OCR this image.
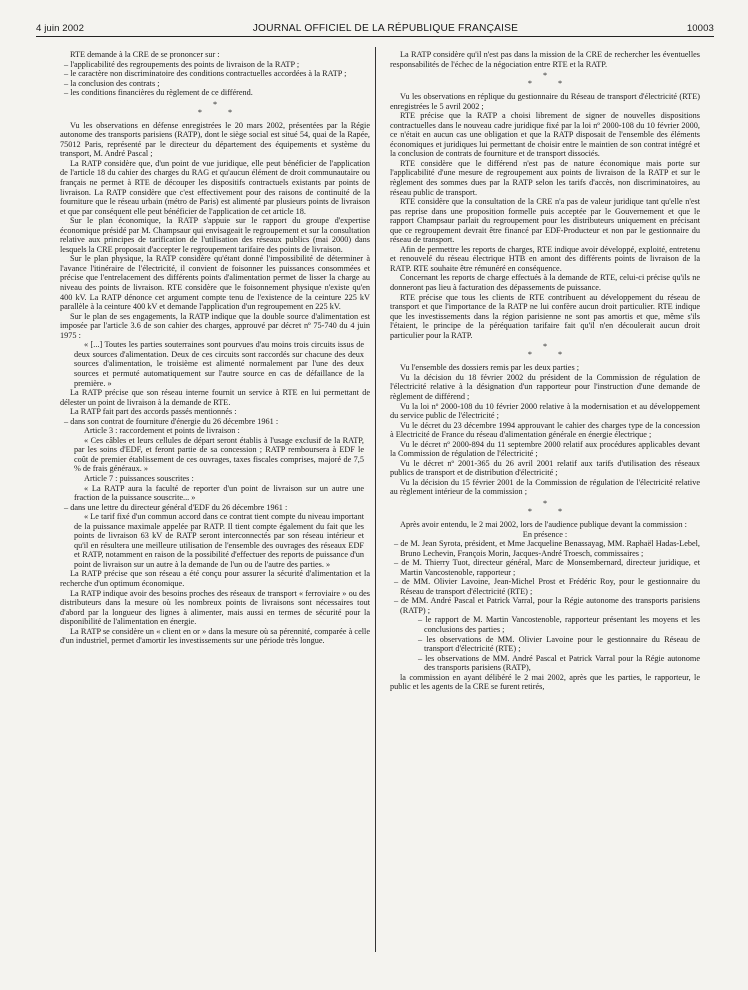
4 juin 2002	JOURNAL OFFICIEL DE LA RÉPUBLIQUE FRANÇAISE	10003

RTE demande à la CRE de se prononcer sur :

– l'applicabilité des regroupements des points de livraison de la RATP ;

– le caractère non discriminatoire des conditions contractuelles accordées à la RATP ;

– la conclusion des contrats ;

– les conditions financières du règlement de ce différend.

*

* *

Vu les observations en défense enregistrées le 20 mars 2002, présentées par la Régie autonome des transports parisiens (RATP), dont le siège social est situé 54, quai de la Rapée, 75012 Paris, représenté par le directeur du département des équipements et système du transport, M. André Pascal ;

La RATP considère que, d'un point de vue juridique, elle peut bénéficier de l'application de l'article 18 du cahier des charges du RAG et qu'aucun élément de droit communautaire ou français ne permet à RTE de découper les dispositifs contractuels existants par points de livraison. La RATP considère que c'est effectivement pour des raisons de continuité de la fourniture que le réseau urbain (métro de Paris) est alimenté par plusieurs points de livraison et que par conséquent elle peut bénéficier de l'application de cet article 18.

Sur le plan économique, la RATP s'appuie sur le rapport du groupe d'expertise économique présidé par M. Champsaur qui envisageait le regroupement et sur la consultation relative aux principes de tarification de l'utilisation des réseaux publics (mai 2000) dans lesquels la CRE proposait d'accepter le regroupement tarifaire des points de livraison.

Sur le plan physique, la RATP considère qu'étant donné l'impossibilité de déterminer à l'avance l'itinéraire de l'électricité, il convient de foisonner les puissances consommées et précise que l'entrelacement des différents points d'alimentation permet de lisser la charge au niveau des points de livraison. RTE considère que le foisonnement physique n'existe qu'en 400 kV. La RATP dénonce cet argument compte tenu de l'existence de la ceinture 225 kV parallèle à la ceinture 400 kV et demande l'application d'un regroupement en 225 kV.

Sur le plan de ses engagements, la RATP indique que la double source d'alimentation est imposée par l'article 3.6 de son cahier des charges, approuvé par décret nº 75-740 du 4 juin 1975 :

« [...] Toutes les parties souterraines sont pourvues d'au moins trois circuits issus de deux sources d'alimentation. Deux de ces circuits sont raccordés sur chacune des deux sources d'alimentation, le troisième est alimenté normalement par l'une des deux sources et permuté automatiquement sur l'autre source en cas de défaillance de la première. »

La RATP précise que son réseau interne fournit un service à RTE en lui permettant de délester un point de livraison à la demande de RTE.

La RATP fait part des accords passés mentionnés :

– dans son contrat de fourniture d'énergie du 26 décembre 1961 :

Article 3 : raccordement et points de livraison :

« Ces câbles et leurs cellules de départ seront établis à l'usage exclusif de la RATP, par les soins d'EDF, et feront partie de sa concession ; RATP remboursera à EDF le coût de premier établissement de ces ouvrages, taxes fiscales comprises, majoré de 7,5 % de frais généraux. »

Article 7 : puissances souscrites :

« La RATP aura la faculté de reporter d'un point de livraison sur un autre une fraction de la puissance souscrite... »

– dans une lettre du directeur général d'EDF du 26 décembre 1961 :

« Le tarif fixé d'un commun accord dans ce contrat tient compte du niveau important de la puissance maximale appelée par RATP. Il tient compte également du fait que les points de livraison 63 kV de RATP seront interconnectés par son réseau intérieur et qu'il en résultera une meilleure utilisation de l'ensemble des ouvrages des réseaux EDF et RATP, notamment en raison de la possibilité d'effectuer des reports de puissance d'un point de livraison sur un autre à la demande de l'un ou de l'autre des parties. »

La RATP précise que son réseau a été conçu pour assurer la sécurité d'alimentation et la recherche d'un optimum économique.

La RATP indique avoir des besoins proches des réseaux de transport « ferroviaire » ou des distributeurs dans la mesure où les nombreux points de livraisons sont nécessaires tout d'abord par la longueur des lignes à alimenter, mais aussi en termes de sécurité pour la disponibilité de l'alimentation en énergie.

La RATP se considère un « client en or » dans la mesure où sa pérennité, comparée à celle d'un industriel, permet d'amortir les investissements sur une période très longue.

La RATP considère qu'il n'est pas dans la mission de la CRE de rechercher les éventuelles responsabilités de l'échec de la négociation entre RTE et la RATP.

*

* *

Vu les observations en réplique du gestionnaire du Réseau de transport d'électricité (RTE) enregistrées le 5 avril 2002 ;

RTE précise que la RATP a choisi librement de signer de nouvelles dispositions contractuelles dans le nouveau cadre juridique fixé par la loi nº 2000-108 du 10 février 2000, ce n'était en aucun cas une obligation et que la RATP disposait de l'ensemble des éléments économiques et juridiques lui permettant de choisir entre le maintien de son contrat intégré et la conclusion de contrats de fourniture et de transport dissociés.

RTE considère que le différend n'est pas de nature économique mais porte sur l'applicabilité d'une mesure de regroupement aux points de livraison de la RATP et sur le règlement des sommes dues par la RATP selon les tarifs d'accès, non discriminatoires, au réseau public de transport.

RTE considère que la consultation de la CRE n'a pas de valeur juridique tant qu'elle n'est pas reprise dans une proposition formelle puis acceptée par le Gouvernement et que le rapport Champsaur parlait du regroupement pour les distributeurs uniquement en précisant que ce regroupement devrait être financé par EDF-Producteur et non par le gestionnaire du réseau de transport.

Afin de permettre les reports de charges, RTE indique avoir développé, exploité, entretenu et renouvelé du réseau électrique HTB en amont des différents points de livraison de la RATP. RTE souhaite être rémunéré en conséquence.

Concernant les reports de charge effectués à la demande de RTE, celui-ci précise qu'ils ne donneront pas lieu à facturation des dépassements de puissance.

RTE précise que tous les clients de RTE contribuent au développement du réseau de transport et que l'importance de la RATP ne lui confère aucun droit particulier. RTE indique que les investissements dans la région parisienne ne sont pas amortis et que, même s'ils l'étaient, le principe de la péréquation tarifaire fait qu'il n'en découlerait aucun droit particulier pour la RATP.

*

* *

Vu l'ensemble des dossiers remis par les deux parties ;

Vu la décision du 18 février 2002 du président de la Commission de régulation de l'électricité relative à la désignation d'un rapporteur pour l'instruction d'une demande de règlement de différend ;

Vu la loi nº 2000-108 du 10 février 2000 relative à la modernisation et au développement du service public de l'électricité ;

Vu le décret du 23 décembre 1994 approuvant le cahier des charges type de la concession à Electricité de France du réseau d'alimentation générale en énergie électrique ;

Vu le décret nº 2000-894 du 11 septembre 2000 relatif aux procédures applicables devant la Commission de régulation de l'électricité ;

Vu le décret nº 2001-365 du 26 avril 2001 relatif aux tarifs d'utilisation des réseaux publics de transport et de distribution d'électricité ;

Vu la décision du 15 février 2001 de la Commission de régulation de l'électricité relative au règlement intérieur de la commission ;

*

* *

Après avoir entendu, le 2 mai 2002, lors de l'audience publique devant la commission :

En présence :

– de M. Jean Syrota, président, et Mme Jacqueline Benassayag, MM. Raphaël Hadas-Lebel, Bruno Lechevin, François Morin, Jacques-André Troesch, commissaires ;

– de M. Thierry Tuot, directeur général, Marc de Monsembernard, directeur juridique, et Martin Vancostenoble, rapporteur ;

– de MM. Olivier Lavoine, Jean-Michel Prost et Frédéric Roy, pour le gestionnaire du Réseau de transport d'électricité (RTE) ;

– de MM. André Pascal et Patrick Varral, pour la Régie autonome des transports parisiens (RATP) ;

– le rapport de M. Martin Vancostenoble, rapporteur présentant les moyens et les conclusions des parties ;

– les observations de MM. Olivier Lavoine pour le gestionnaire du Réseau de transport d'électricité (RTE) ;

– les observations de MM. André Pascal et Patrick Varral pour la Régie autonome des transports parisiens (RATP),

la commission en ayant délibéré le 2 mai 2002, après que les parties, le rapporteur, le public et les agents de la CRE se furent retirés,
